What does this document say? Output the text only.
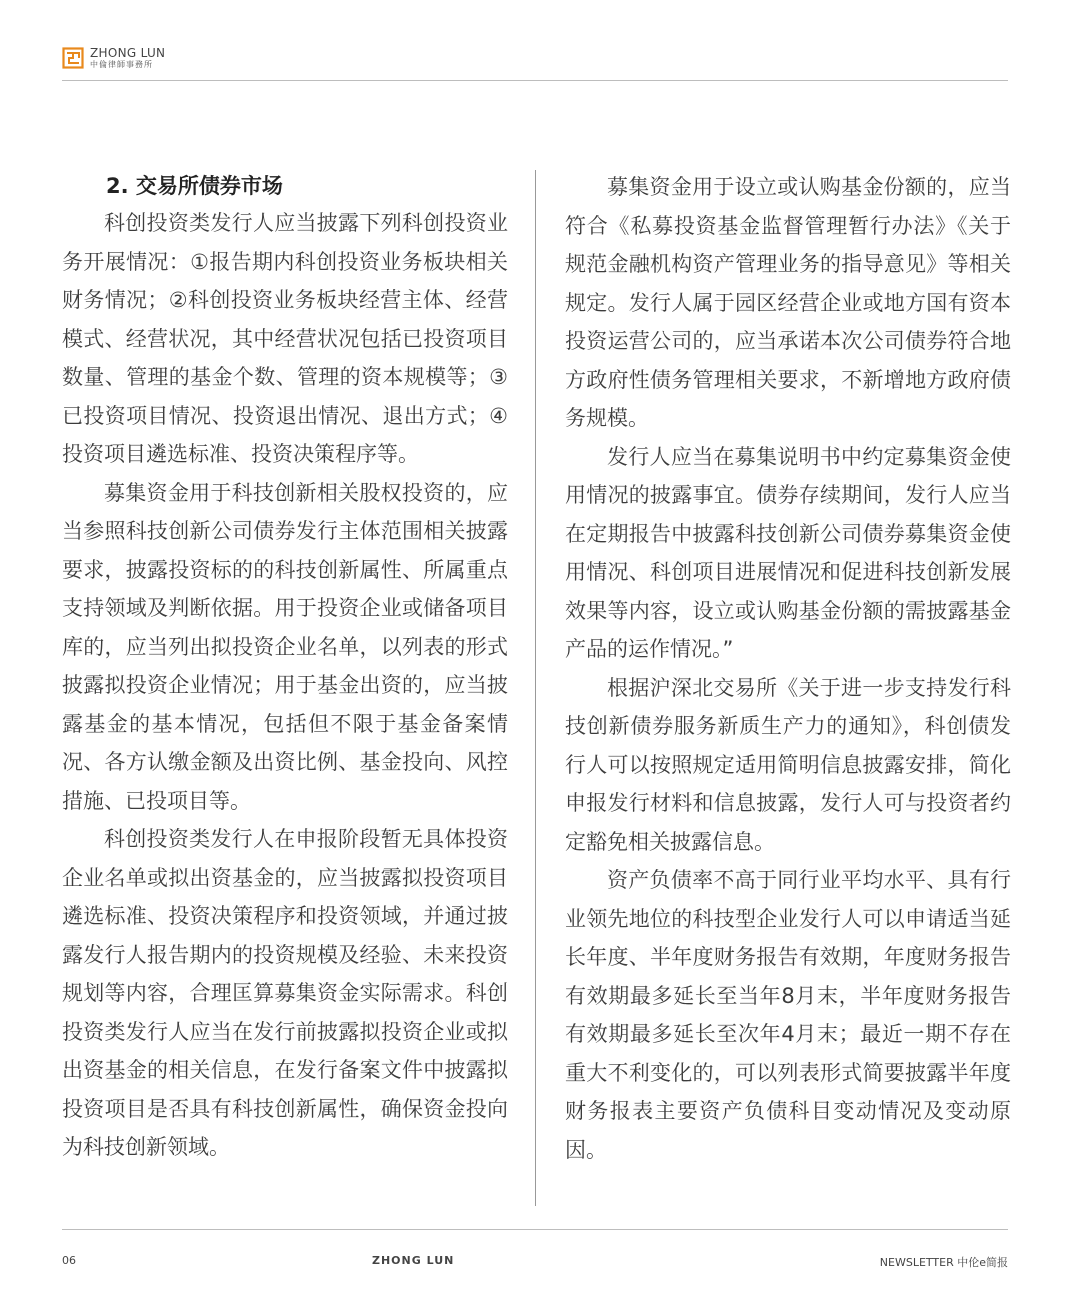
ZHONG LUN
中倫律師事務所
2. 交易所债券市场

科创投资类发行人应当披露下列科创投资业务开展情况：①报告期内科创投资业务板块相关财务情况；②科创投资业务板块经营主体、经营模式、经营状况，其中经营状况包括已投资项目数量、管理的基金个数、管理的资本规模等；③已投资项目情况、投资退出情况、退出方式；④投资项目遴选标准、投资决策程序等。

募集资金用于科技创新相关股权投资的，应当参照科技创新公司债券发行主体范围相关披露要求，披露投资标的的科技创新属性、所属重点支持领域及判断依据。用于投资企业或储备项目库的，应当列出拟投资企业名单，以列表的形式披露拟投资企业情况；用于基金出资的，应当披露基金的基本情况，包括但不限于基金备案情况、各方认缴金额及出资比例、基金投向、风控措施、已投项目等。

科创投资类发行人在申报阶段暂无具体投资企业名单或拟出资基金的，应当披露拟投资项目遴选标准、投资决策程序和投资领域，并通过披露发行人报告期内的投资规模及经验、未来投资规划等内容，合理匡算募集资金实际需求。科创投资类发行人应当在发行前披露拟投资企业或拟出资基金的相关信息，在发行备案文件中披露拟投资项目是否具有科技创新属性，确保资金投向为科技创新领域。

募集资金用于设立或认购基金份额的，应当符合《私募投资基金监督管理暂行办法》《关于规范金融机构资产管理业务的指导意见》等相关规定。发行人属于园区经营企业或地方国有资本投资运营公司的，应当承诺本次公司债券符合地方政府性债务管理相关要求，不新增地方政府债务规模。

发行人应当在募集说明书中约定募集资金使用情况的披露事宜。债券存续期间，发行人应当在定期报告中披露科技创新公司债券募集资金使用情况、科创项目进展情况和促进科技创新发展效果等内容，设立或认购基金份额的需披露基金产品的运作情况。”

根据沪深北交易所《关于进一步支持发行科技创新债券服务新质生产力的通知》，科创债发行人可以按照规定适用简明信息披露安排，简化申报发行材料和信息披露，发行人可与投资者约定豁免相关披露信息。

资产负债率不高于同行业平均水平、具有行业领先地位的科技型企业发行人可以申请适当延长年度、半年度财务报告有效期，年度财务报告有效期最多延长至当年8月末，半年度财务报告有效期最多延长至次年4月末；最近一期不存在重大不利变化的，可以列表形式简要披露半年度财务报表主要资产负债科目变动情况及变动原因。

06	ZHONG LUN	NEWSLETTER 中伦e简报
